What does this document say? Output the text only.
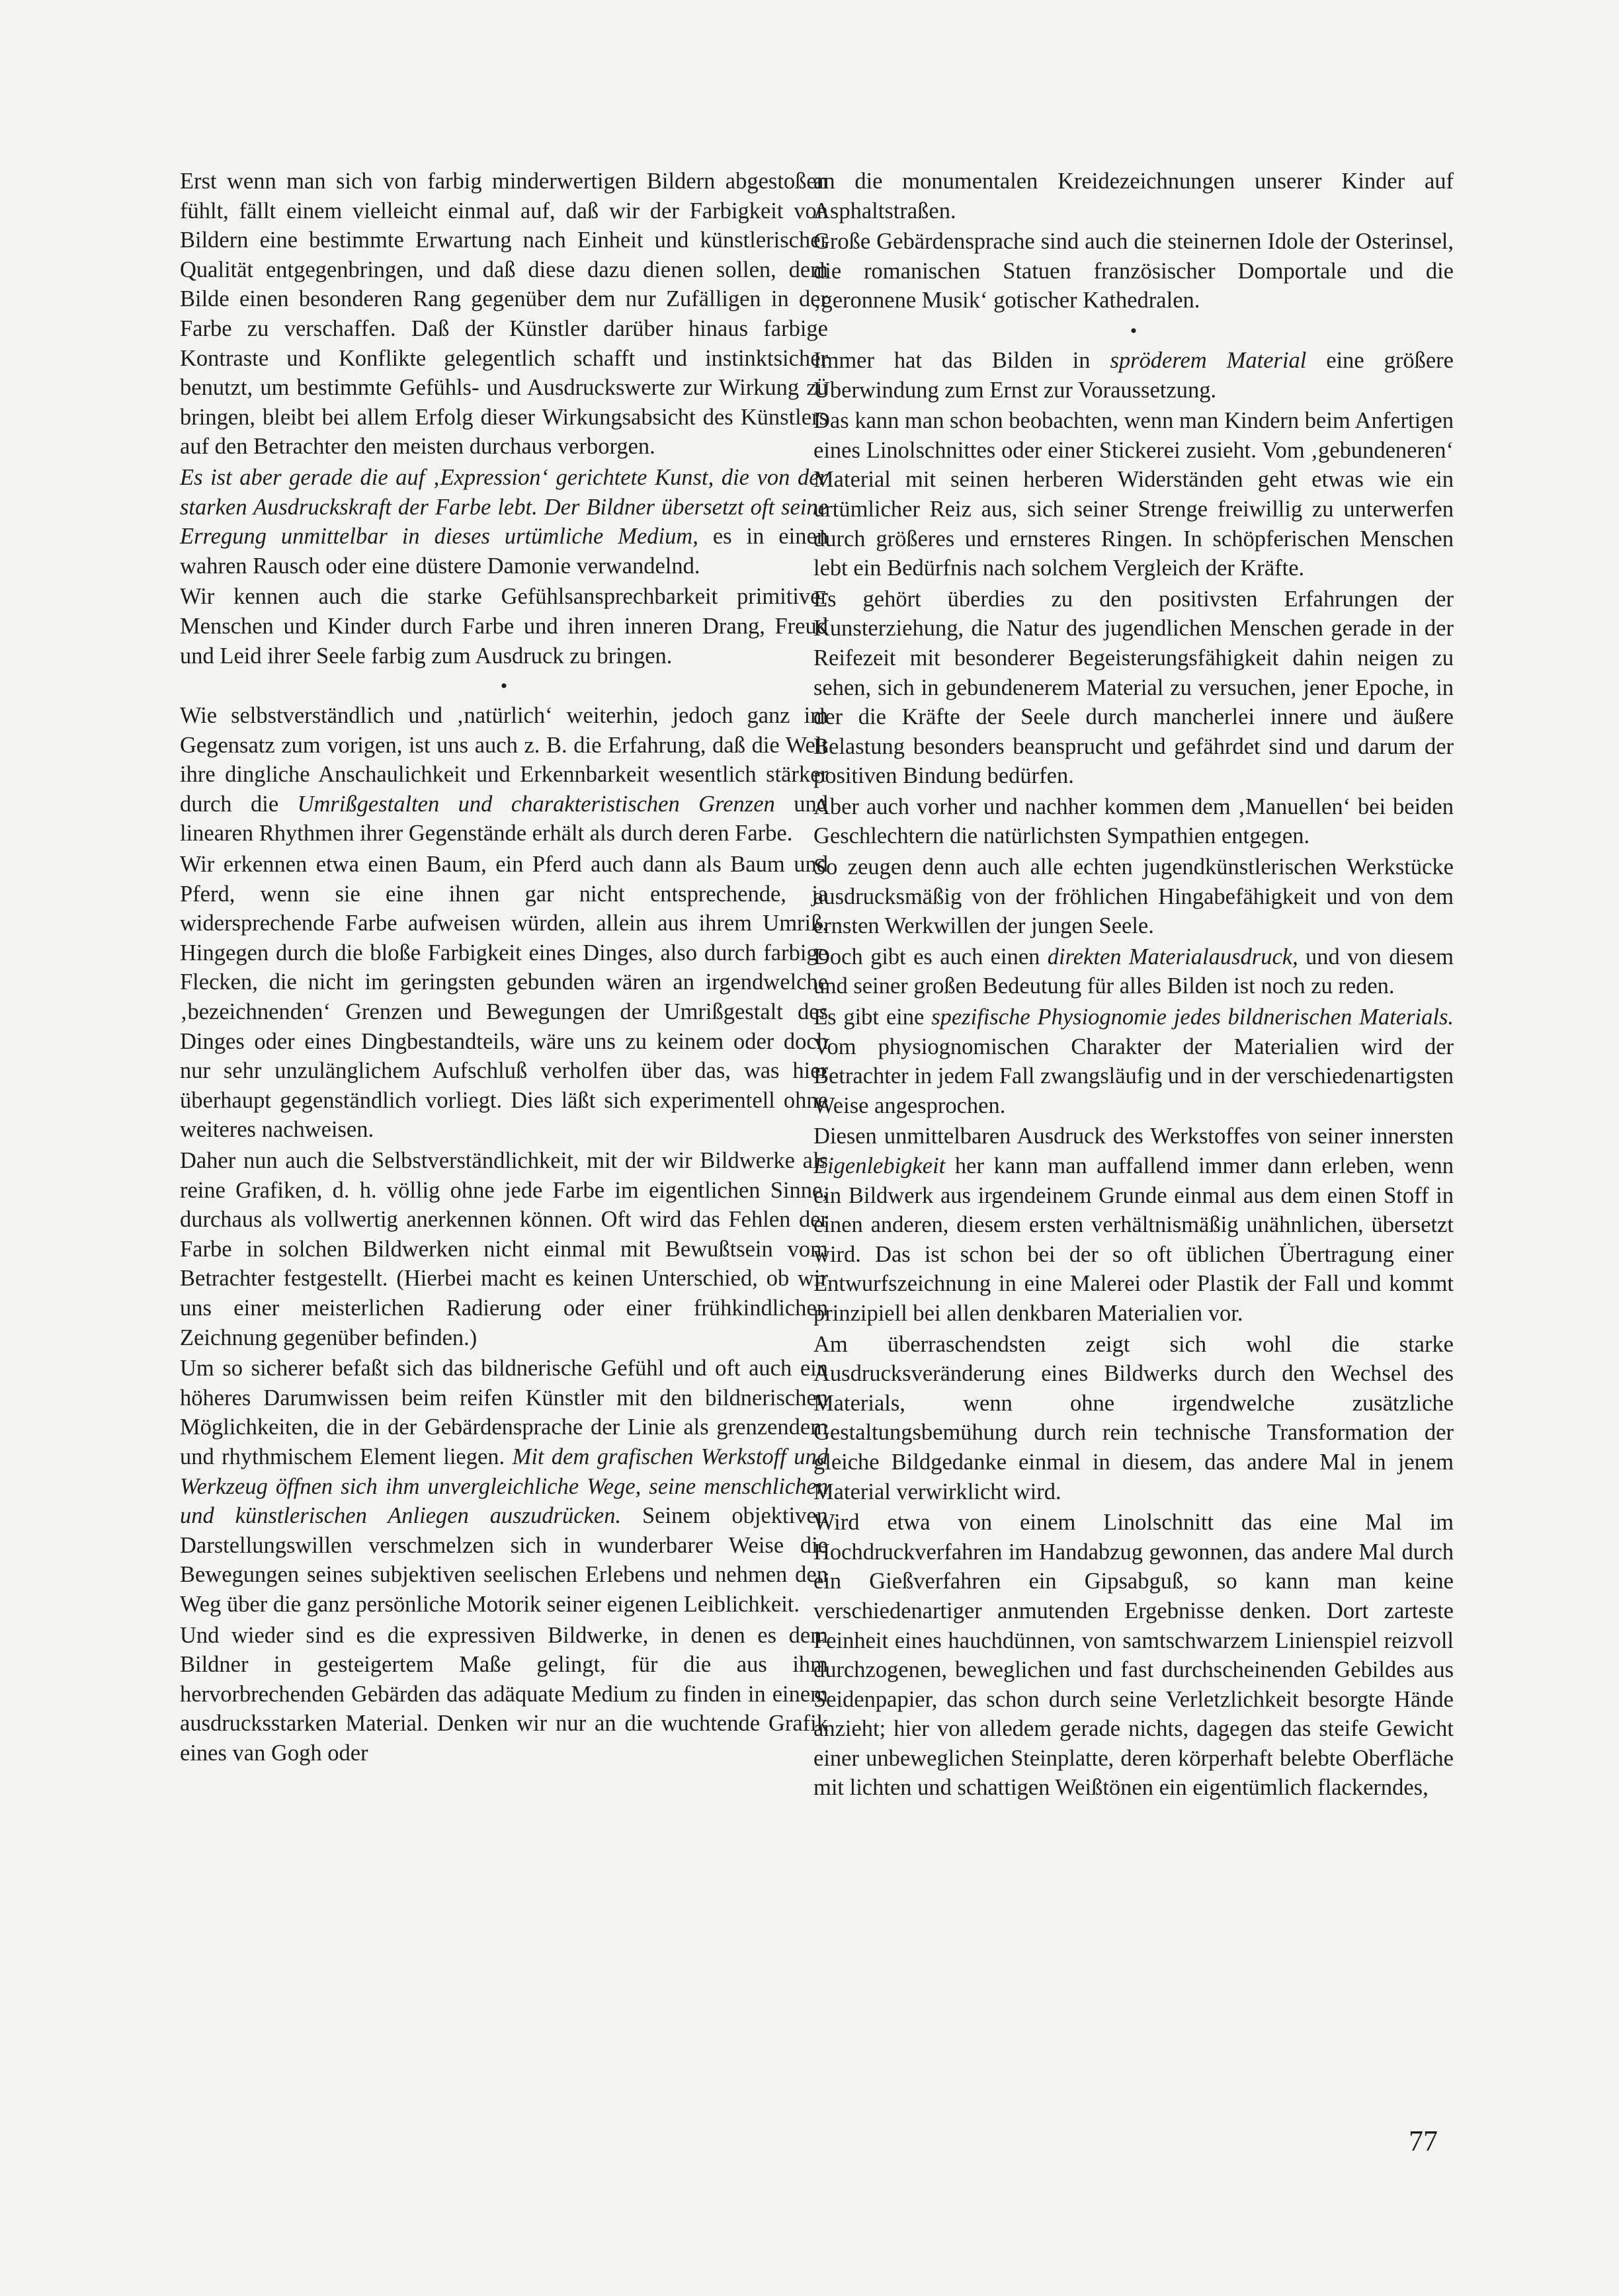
Erst wenn man sich von farbig minderwertigen Bildern abgestoßen fühlt, fällt einem vielleicht einmal auf, daß wir der Farbigkeit von Bildern eine bestimmte Erwartung nach Einheit und künstlerischer Qualität entgegenbringen, und daß diese dazu dienen sollen, dem Bilde einen besonderen Rang gegenüber dem nur Zufälligen in der Farbe zu verschaffen. Daß der Künstler darüber hinaus farbige Kontraste und Konflikte gelegentlich schafft und instinktsicher benutzt, um bestimmte Gefühls- und Ausdruckswerte zur Wirkung zu bringen, bleibt bei allem Erfolg dieser Wirkungsabsicht des Künstlers auf den Betrachter den meisten durchaus verborgen.

Es ist aber gerade die auf ‚Expression‘ gerichtete Kunst, die von der starken Ausdruckskraft der Farbe lebt. Der Bildner übersetzt oft seine Erregung unmittelbar in dieses urtümliche Medium, es in einen wahren Rausch oder eine düstere Damonie verwandelnd.

Wir kennen auch die starke Gefühlsansprechbarkeit primitiver Menschen und Kinder durch Farbe und ihren inneren Drang, Freud und Leid ihrer Seele farbig zum Ausdruck zu bringen.

•

Wie selbstverständlich und ‚natürlich‘ weiterhin, jedoch ganz im Gegensatz zum vorigen, ist uns auch z. B. die Erfahrung, daß die Welt ihre dingliche Anschaulichkeit und Erkennbarkeit wesentlich stärker durch die Umrißgestalten und charakteristischen Grenzen und linearen Rhythmen ihrer Gegenstände erhält als durch deren Farbe.

Wir erkennen etwa einen Baum, ein Pferd auch dann als Baum und Pferd, wenn sie eine ihnen gar nicht entsprechende, ja widersprechende Farbe aufweisen würden, allein aus ihrem Umriß. Hingegen durch die bloße Farbigkeit eines Dinges, also durch farbige Flecken, die nicht im geringsten gebunden wären an irgendwelche ‚bezeichnenden‘ Grenzen und Bewegungen der Umrißgestalt des Dinges oder eines Dingbestandteils, wäre uns zu keinem oder doch nur sehr unzulänglichem Aufschluß verholfen über das, was hier überhaupt gegenständlich vorliegt. Dies läßt sich experimentell ohne weiteres nachweisen.

Daher nun auch die Selbstverständlichkeit, mit der wir Bildwerke als reine Grafiken, d. h. völlig ohne jede Farbe im eigentlichen Sinne, durchaus als vollwertig anerkennen können. Oft wird das Fehlen der Farbe in solchen Bildwerken nicht einmal mit Bewußtsein vom Betrachter festgestellt. (Hierbei macht es keinen Unterschied, ob wir uns einer meisterlichen Radierung oder einer frühkindlichen Zeichnung gegenüber befinden.)

Um so sicherer befaßt sich das bildnerische Gefühl und oft auch ein höheres Darumwissen beim reifen Künstler mit den bildnerischen Möglichkeiten, die in der Gebärdensprache der Linie als grenzendem und rhythmischem Element liegen. Mit dem grafischen Werkstoff und Werkzeug öffnen sich ihm unvergleichliche Wege, seine menschlichen und künstlerischen Anliegen auszudrücken. Seinem objektiven Darstellungswillen verschmelzen sich in wunderbarer Weise die Bewegungen seines subjektiven seelischen Erlebens und nehmen den Weg über die ganz persönliche Motorik seiner eigenen Leiblichkeit.

Und wieder sind es die expressiven Bildwerke, in denen es dem Bildner in gesteigertem Maße gelingt, für die aus ihm hervorbrechenden Gebärden das adäquate Medium zu finden in einem ausdrucksstarken Material. Denken wir nur an die wuchtende Grafik eines van Gogh oder

an die monumentalen Kreidezeichnungen unserer Kinder auf Asphaltstraßen.

Große Gebärdensprache sind auch die steinernen Idole der Osterinsel, die romanischen Statuen französischer Domportale und die ‚geronnene Musik‘ gotischer Kathedralen.

•

Immer hat das Bilden in spröderem Material eine größere Überwindung zum Ernst zur Voraussetzung.

Das kann man schon beobachten, wenn man Kindern beim Anfertigen eines Linolschnittes oder einer Stickerei zusieht. Vom ‚gebundeneren‘ Material mit seinen herberen Widerständen geht etwas wie ein urtümlicher Reiz aus, sich seiner Strenge freiwillig zu unterwerfen durch größeres und ernsteres Ringen. In schöpferischen Menschen lebt ein Bedürfnis nach solchem Vergleich der Kräfte.

Es gehört überdies zu den positivsten Erfahrungen der Kunsterziehung, die Natur des jugendlichen Menschen gerade in der Reifezeit mit besonderer Begeisterungsfähigkeit dahin neigen zu sehen, sich in gebundenerem Material zu versuchen, jener Epoche, in der die Kräfte der Seele durch mancherlei innere und äußere Belastung besonders beansprucht und gefährdet sind und darum der positiven Bindung bedürfen.

Aber auch vorher und nachher kommen dem ‚Manuellen‘ bei beiden Geschlechtern die natürlichsten Sympathien entgegen.

So zeugen denn auch alle echten jugendkünstlerischen Werkstücke ausdrucksmäßig von der fröhlichen Hingabefähigkeit und von dem ernsten Werkwillen der jungen Seele.

Doch gibt es auch einen direkten Materialausdruck, und von diesem und seiner großen Bedeutung für alles Bilden ist noch zu reden.

Es gibt eine spezifische Physiognomie jedes bildnerischen Materials. Vom physiognomischen Charakter der Materialien wird der Betrachter in jedem Fall zwangsläufig und in der verschiedenartigsten Weise angesprochen.

Diesen unmittelbaren Ausdruck des Werkstoffes von seiner innersten Eigenlebigkeit her kann man auffallend immer dann erleben, wenn ein Bildwerk aus irgendeinem Grunde einmal aus dem einen Stoff in einen anderen, diesem ersten verhältnismäßig unähnlichen, übersetzt wird. Das ist schon bei der so oft üblichen Übertragung einer Entwurfszeichnung in eine Malerei oder Plastik der Fall und kommt prinzipiell bei allen denkbaren Materialien vor.

Am überraschendsten zeigt sich wohl die starke Ausdrucksveränderung eines Bildwerks durch den Wechsel des Materials, wenn ohne irgendwelche zusätzliche Gestaltungsbemühung durch rein technische Transformation der gleiche Bildgedanke einmal in diesem, das andere Mal in jenem Material verwirklicht wird.

Wird etwa von einem Linolschnitt das eine Mal im Hochdruckverfahren im Handabzug gewonnen, das andere Mal durch ein Gießverfahren ein Gipsabguß, so kann man keine verschiedenartiger anmutenden Ergebnisse denken. Dort zarteste Feinheit eines hauchdünnen, von samtschwarzem Linienspiel reizvoll durchzogenen, beweglichen und fast durchscheinenden Gebildes aus Seidenpapier, das schon durch seine Verletzlichkeit besorgte Hände anzieht; hier von alledem gerade nichts, dagegen das steife Gewicht einer unbeweglichen Steinplatte, deren körperhaft belebte Oberfläche mit lichten und schattigen Weißtönen ein eigentümlich flackerndes,

77
